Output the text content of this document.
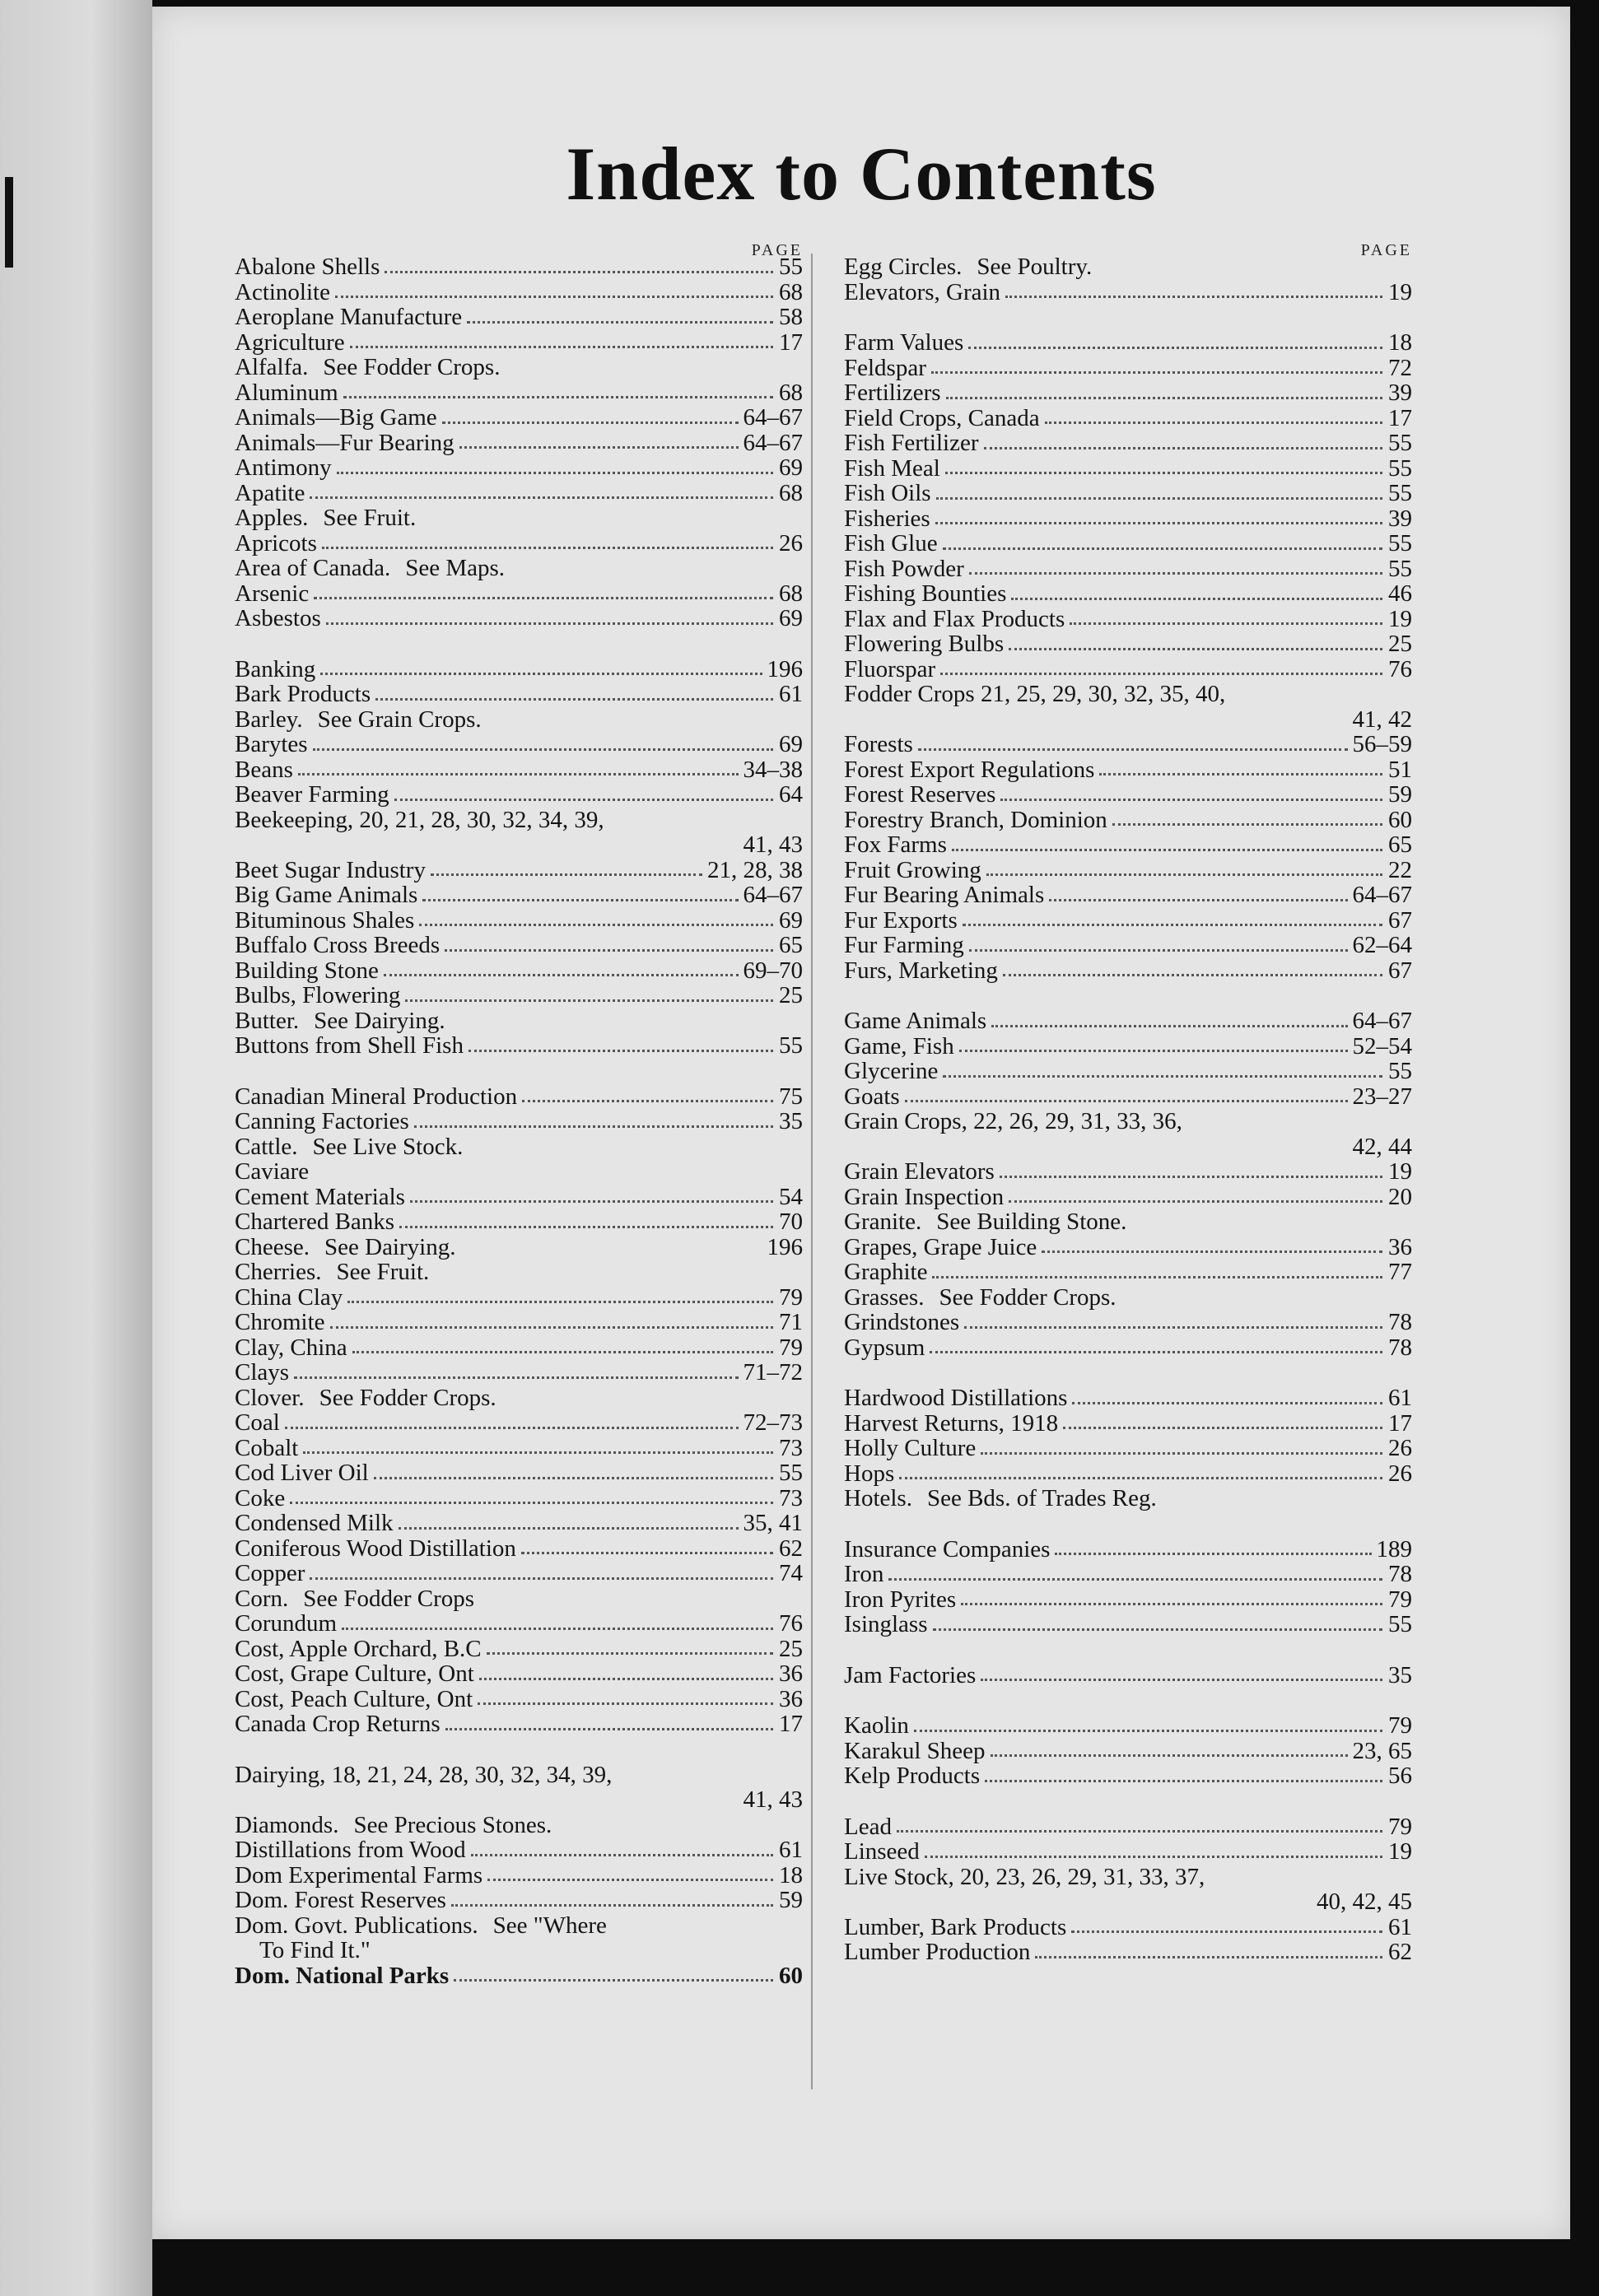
Index to Contents
PAGE
Abalone Shells	55
Actinolite	68
Aeroplane Manufacture	58
Agriculture	17
Alfalfa. See Fodder Crops.
Aluminum	68
Animals—Big Game	64–67
Animals—Fur Bearing	64–67
Antimony	69
Apatite	68
Apples. See Fruit.
Apricots	26
Area of Canada. See Maps.
Arsenic	68
Asbestos	69
Banking	196
Bark Products	61
Barley. See Grain Crops.
Barytes	69
Beans	34–38
Beaver Farming	64
Beekeeping, 20, 21, 28, 30, 32, 34, 39,
41, 43
Beet Sugar Industry	21, 28, 38
Big Game Animals	64–67
Bituminous Shales	69
Buffalo Cross Breeds	65
Building Stone	69–70
Bulbs, Flowering	25
Butter. See Dairying.
Buttons from Shell Fish	55
Canadian Mineral Production	75
Canning Factories	35
Cattle. See Live Stock.
Caviare
Cement Materials	54
Chartered Banks	70
Cheese. See Dairying.	196
Cherries. See Fruit.
China Clay	79
Chromite	71
Clay, China	79
Clays	71–72
Clover. See Fodder Crops.
Coal	72–73
Cobalt	73
Cod Liver Oil	55
Coke	73
Condensed Milk	35, 41
Coniferous Wood Distillation	62
Copper	74
Corn. See Fodder Crops
Corundum	76
Cost, Apple Orchard, B.C	25
Cost, Grape Culture, Ont	36
Cost, Peach Culture, Ont	36
Canada Crop Returns	17
Dairying, 18, 21, 24, 28, 30, 32, 34, 39,
41, 43
Diamonds. See Precious Stones.
Distillations from Wood	61
Dom Experimental Farms	18
Dom. Forest Reserves	59
Dom. Govt. Publications. See "Where
To Find It."
Dom. National Parks	60
PAGE
Egg Circles. See Poultry.
Elevators, Grain	19
Farm Values	18
Feldspar	72
Fertilizers	39
Field Crops, Canada	17
Fish Fertilizer	55
Fish Meal	55
Fish Oils	55
Fisheries	39
Fish Glue	55
Fish Powder	55
Fishing Bounties	46
Flax and Flax Products	19
Flowering Bulbs	25
Fluorspar	76
Fodder Crops 21, 25, 29, 30, 32, 35, 40,
41, 42
Forests	56–59
Forest Export Regulations	51
Forest Reserves	59
Forestry Branch, Dominion	60
Fox Farms	65
Fruit Growing	22
Fur Bearing Animals	64–67
Fur Exports	67
Fur Farming	62–64
Furs, Marketing	67
Game Animals	64–67
Game, Fish	52–54
Glycerine	55
Goats	23–27
Grain Crops, 22, 26, 29, 31, 33, 36,
42, 44
Grain Elevators	19
Grain Inspection	20
Granite. See Building Stone.
Grapes, Grape Juice	36
Graphite	77
Grasses. See Fodder Crops.
Grindstones	78
Gypsum	78
Hardwood Distillations	61
Harvest Returns, 1918	17
Holly Culture	26
Hops	26
Hotels. See Bds. of Trades Reg.
Insurance Companies	189
Iron	78
Iron Pyrites	79
Isinglass	55
Jam Factories	35
Kaolin	79
Karakul Sheep	23, 65
Kelp Products	56
Lead	79
Linseed	19
Live Stock, 20, 23, 26, 29, 31, 33, 37,
40, 42, 45
Lumber, Bark Products	61
Lumber Production	62
